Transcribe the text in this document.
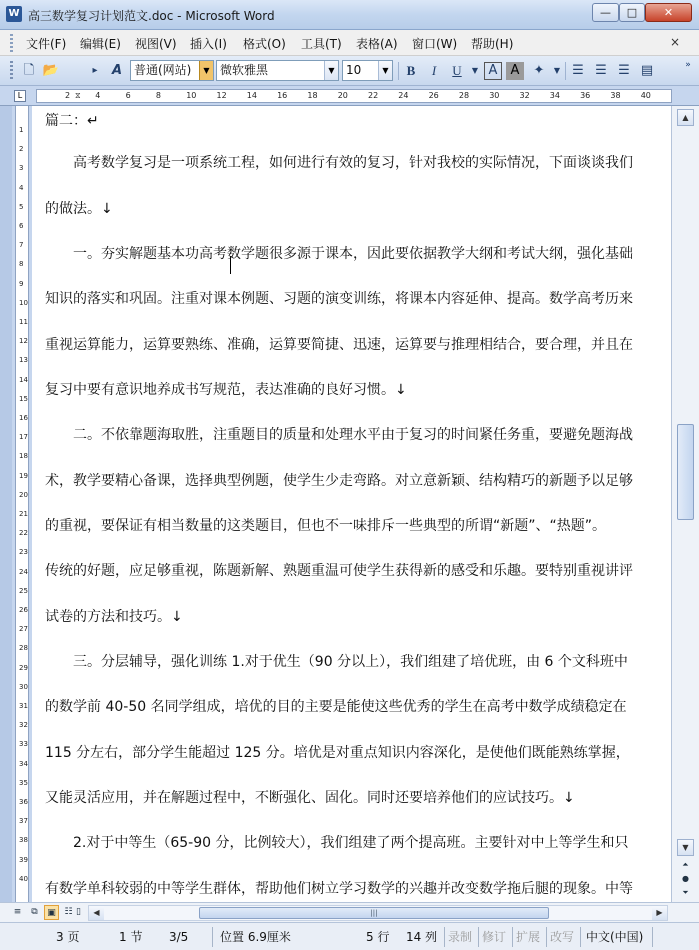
W 高三数学复习计划范文.doc - Microsoft Word	—	□	✕
文件(F) 编辑(E) 视图(V) 插入(I) 格式(O) 工具(T) 表格(A) 窗口(W) 帮助(H)	×
🗋 📂	▸	A 普通(网站)	▼ 微软雅黑	▼ 10	▼	B	I	U	▼ A	A	✦	▼ ☰ ☰ ☰ ▤	»
L	⧖
2	4	6	8	10	12	14	16	18	20	22	24	26	28	30	32	34	36	38	40
1
2
3
4
5
6
7
8
9
10
11
12
13
14
15
16
17
18
19
20
21
22
23
24
25
26
27
28
29
30
31
32
33
34
35
36
37
38
39
40
篇二：↵
　　高考数学复习是一项系统工程，如何进行有效的复习，针对我校的实际情况，下面谈谈我们
的做法。↓
　　一。夯实解题基本功高考数学题很多源于课本，因此要依据教学大纲和考试大纲，强化基础
知识的落实和巩固。注重对课本例题、习题的演变训练，将课本内容延伸、提高。数学高考历来
重视运算能力，运算要熟练、准确，运算要简捷、迅速，运算要与推理相结合，要合理，并且在
复习中要有意识地养成书写规范，表达准确的良好习惯。↓
　　二。不依靠题海取胜，注重题目的质量和处理水平由于复习的时间紧任务重，要避免题海战
术，教学要精心备课，选择典型例题，使学生少走弯路。对立意新颖、结构精巧的新题予以足够
的重视，要保证有相当数量的这类题目，但也不一味排斥一些典型的所谓“新题”、“热题”。
传统的好题，应足够重视，陈题新解、熟题重温可使学生获得新的感受和乐趣。要特别重视讲评
试卷的方法和技巧。↓
　　三。分层辅导，强化训练 1.对于优生（90 分以上），我们组建了培优班，由 6 个文科班中
的数学前 40-50 名同学组成，培优的目的主要是能使这些优秀的学生在高考中数学成绩稳定在
115 分左右，部分学生能超过 125 分。培优是对重点知识内容深化，是使他们既能熟练掌握，
又能灵活应用，并在解题过程中，不断强化、固化。同时还要培养他们的应试技巧。↓
　　2.对于中等生（65-90 分，比例较大），我们组建了两个提高班。主要针对中上等学生和只
有数学单科较弱的中等学生群体，帮助他们树立学习数学的兴趣并改变数学拖后腿的现象。中等
▲
▼
⏶
●
⏷
≡	⧉	▣ ☷ ▯	◀	|||	▶
3 页	1 节	3/5	位置 6.9厘米	5 行	14 列 录制 修订 扩展 改写 中文(中国)
